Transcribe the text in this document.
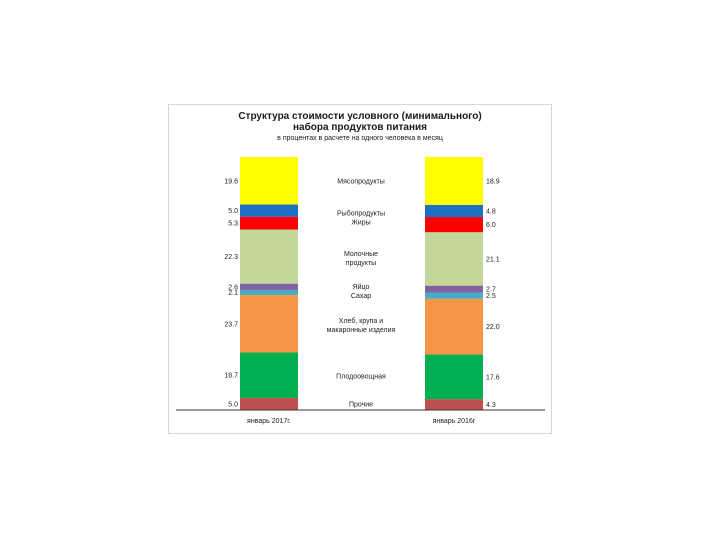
Структура стоимости условного (минимального)
набора продуктов питания
в процентах в расчете на одного человека в месяц
январь 2017г.	январь 2016г
5.0	4.3
18.7	17.6
23.7	22.0
2.1	2.5
2.6	2.7
22.3	21.1
5.3	6.0
5.0	4.8
19.6	18.9
Прочие
Плодоовощная
Хлеб, крупа и
макаронные изделия
Яйцо
Сахар
Молочные
продукты
Рыбопродукты
Жиры
Мясопродукты
